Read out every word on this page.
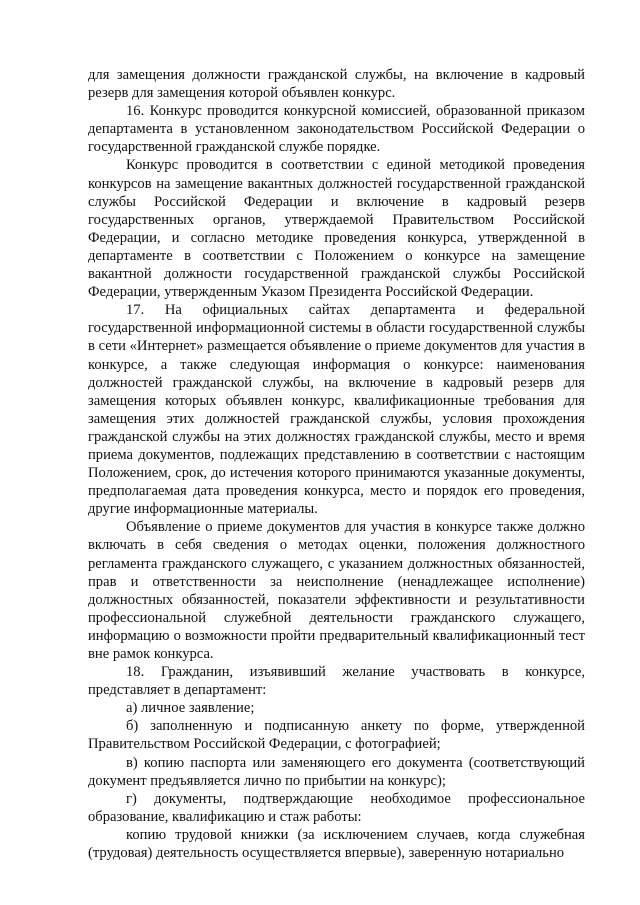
для замещения должности гражданской службы, на включение в кадровый резерв для замещения которой объявлен конкурс.

16. Конкурс проводится конкурсной комиссией, образованной приказом департамента в установленном законодательством Российской Федерации о государственной гражданской службе порядке.

Конкурс проводится в соответствии с единой методикой проведения конкурсов на замещение вакантных должностей государственной гражданской службы Российской Федерации и включение в кадровый резерв государственных органов, утверждаемой Правительством Российской Федерации, и согласно методике проведения конкурса, утвержденной в департаменте в соответствии с Положением о конкурсе на замещение вакантной должности государственной гражданской службы Российской Федерации, утвержденным Указом Президента Российской Федерации.

17. На официальных сайтах департамента и федеральной государственной информационной системы в области государственной службы в сети «Интернет» размещается объявление о приеме документов для участия в конкурсе, а также следующая информация о конкурсе: наименования должностей гражданской службы, на включение в кадровый резерв для замещения которых объявлен конкурс, квалификационные требования для замещения этих должностей гражданской службы, условия прохождения гражданской службы на этих должностях гражданской службы, место и время приема документов, подлежащих представлению в соответствии с настоящим Положением, срок, до истечения которого принимаются указанные документы, предполагаемая дата проведения конкурса, место и порядок его проведения, другие информационные материалы.

Объявление о приеме документов для участия в конкурсе также должно включать в себя сведения о методах оценки, положения должностного регламента гражданского служащего, с указанием должностных обязанностей, прав и ответственности за неисполнение (ненадлежащее исполнение) должностных обязанностей, показатели эффективности и результативности профессиональной служебной деятельности гражданского служащего, информацию о возможности пройти предварительный квалификационный тест вне рамок конкурса.

18. Гражданин, изъявивший желание участвовать в конкурсе, представляет в департамент:

а) личное заявление;

б) заполненную и подписанную анкету по форме, утвержденной Правительством Российской Федерации, с фотографией;

в) копию паспорта или заменяющего его документа (соответствующий документ предъявляется лично по прибытии на конкурс);

г) документы, подтверждающие необходимое профессиональное образование, квалификацию и стаж работы:

копию трудовой книжки (за исключением случаев, когда служебная (трудовая) деятельность осуществляется впервые), заверенную нотариально
